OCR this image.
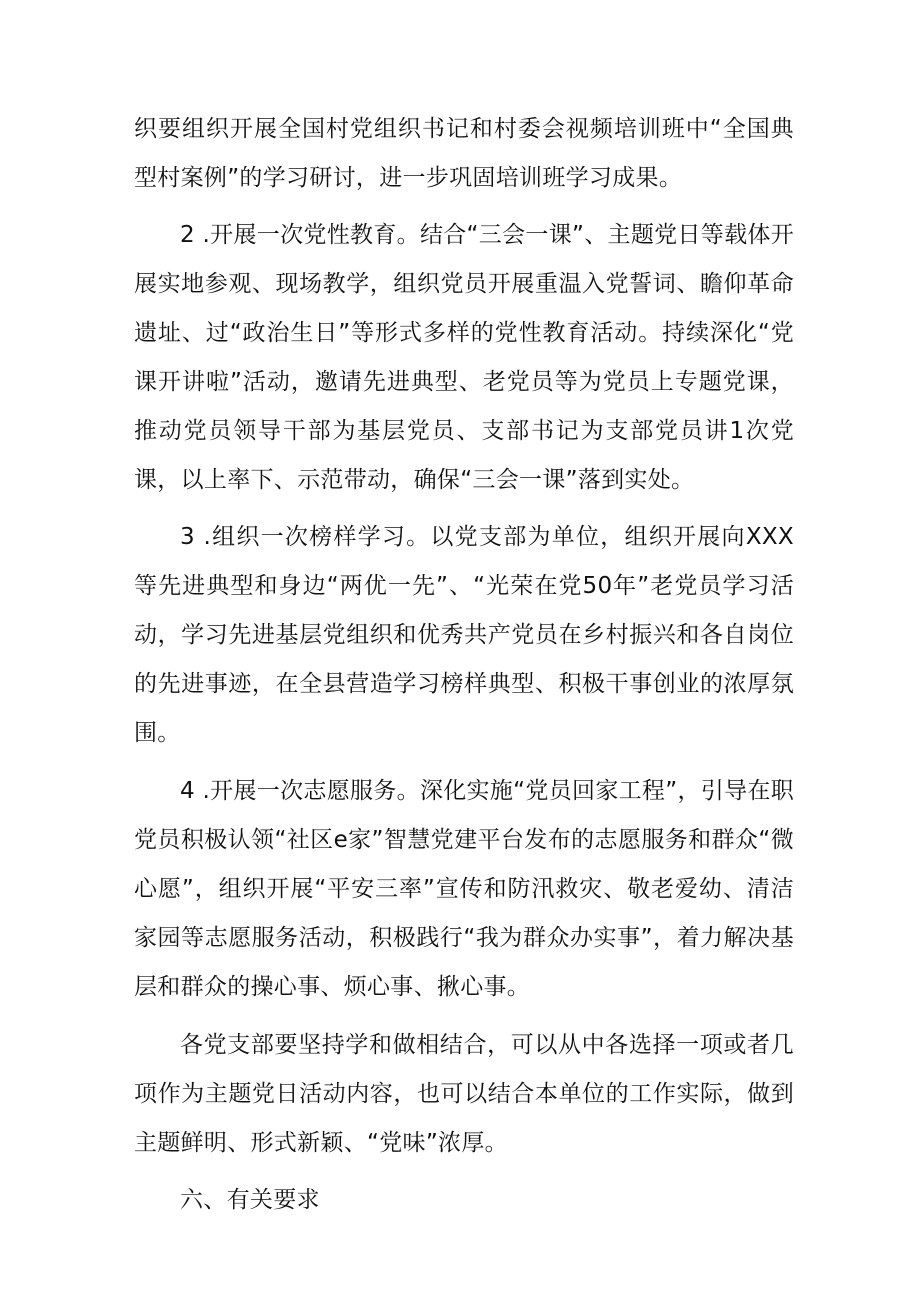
织要组织开展全国村党组织书记和村委会视频培训班中“全国典型村案例”的学习研讨，进一步巩固培训班学习成果。

2 .开展一次党性教育。结合“三会一课”、主题党日等载体开展实地参观、现场教学，组织党员开展重温入党誓词、瞻仰革命遗址、过“政治生日”等形式多样的党性教育活动。持续深化“党课开讲啦”活动，邀请先进典型、老党员等为党员上专题党课，推动党员领导干部为基层党员、支部书记为支部党员讲1次党课，以上率下、示范带动，确保“三会一课”落到实处。

3 .组织一次榜样学习。以党支部为单位，组织开展向XXX等先进典型和身边“两优一先”、“光荣在党50年”老党员学习活动，学习先进基层党组织和优秀共产党员在乡村振兴和各自岗位的先进事迹，在全县营造学习榜样典型、积极干事创业的浓厚氛围。

4 .开展一次志愿服务。深化实施“党员回家工程”，引导在职党员积极认领“社区e家”智慧党建平台发布的志愿服务和群众“微心愿”，组织开展“平安三率”宣传和防汛救灾、敬老爱幼、清洁家园等志愿服务活动，积极践行“我为群众办实事”，着力解决基层和群众的操心事、烦心事、揪心事。

各党支部要坚持学和做相结合，可以从中各选择一项或者几项作为主题党日活动内容，也可以结合本单位的工作实际，做到主题鲜明、形式新颖、“党味”浓厚。

六、有关要求
